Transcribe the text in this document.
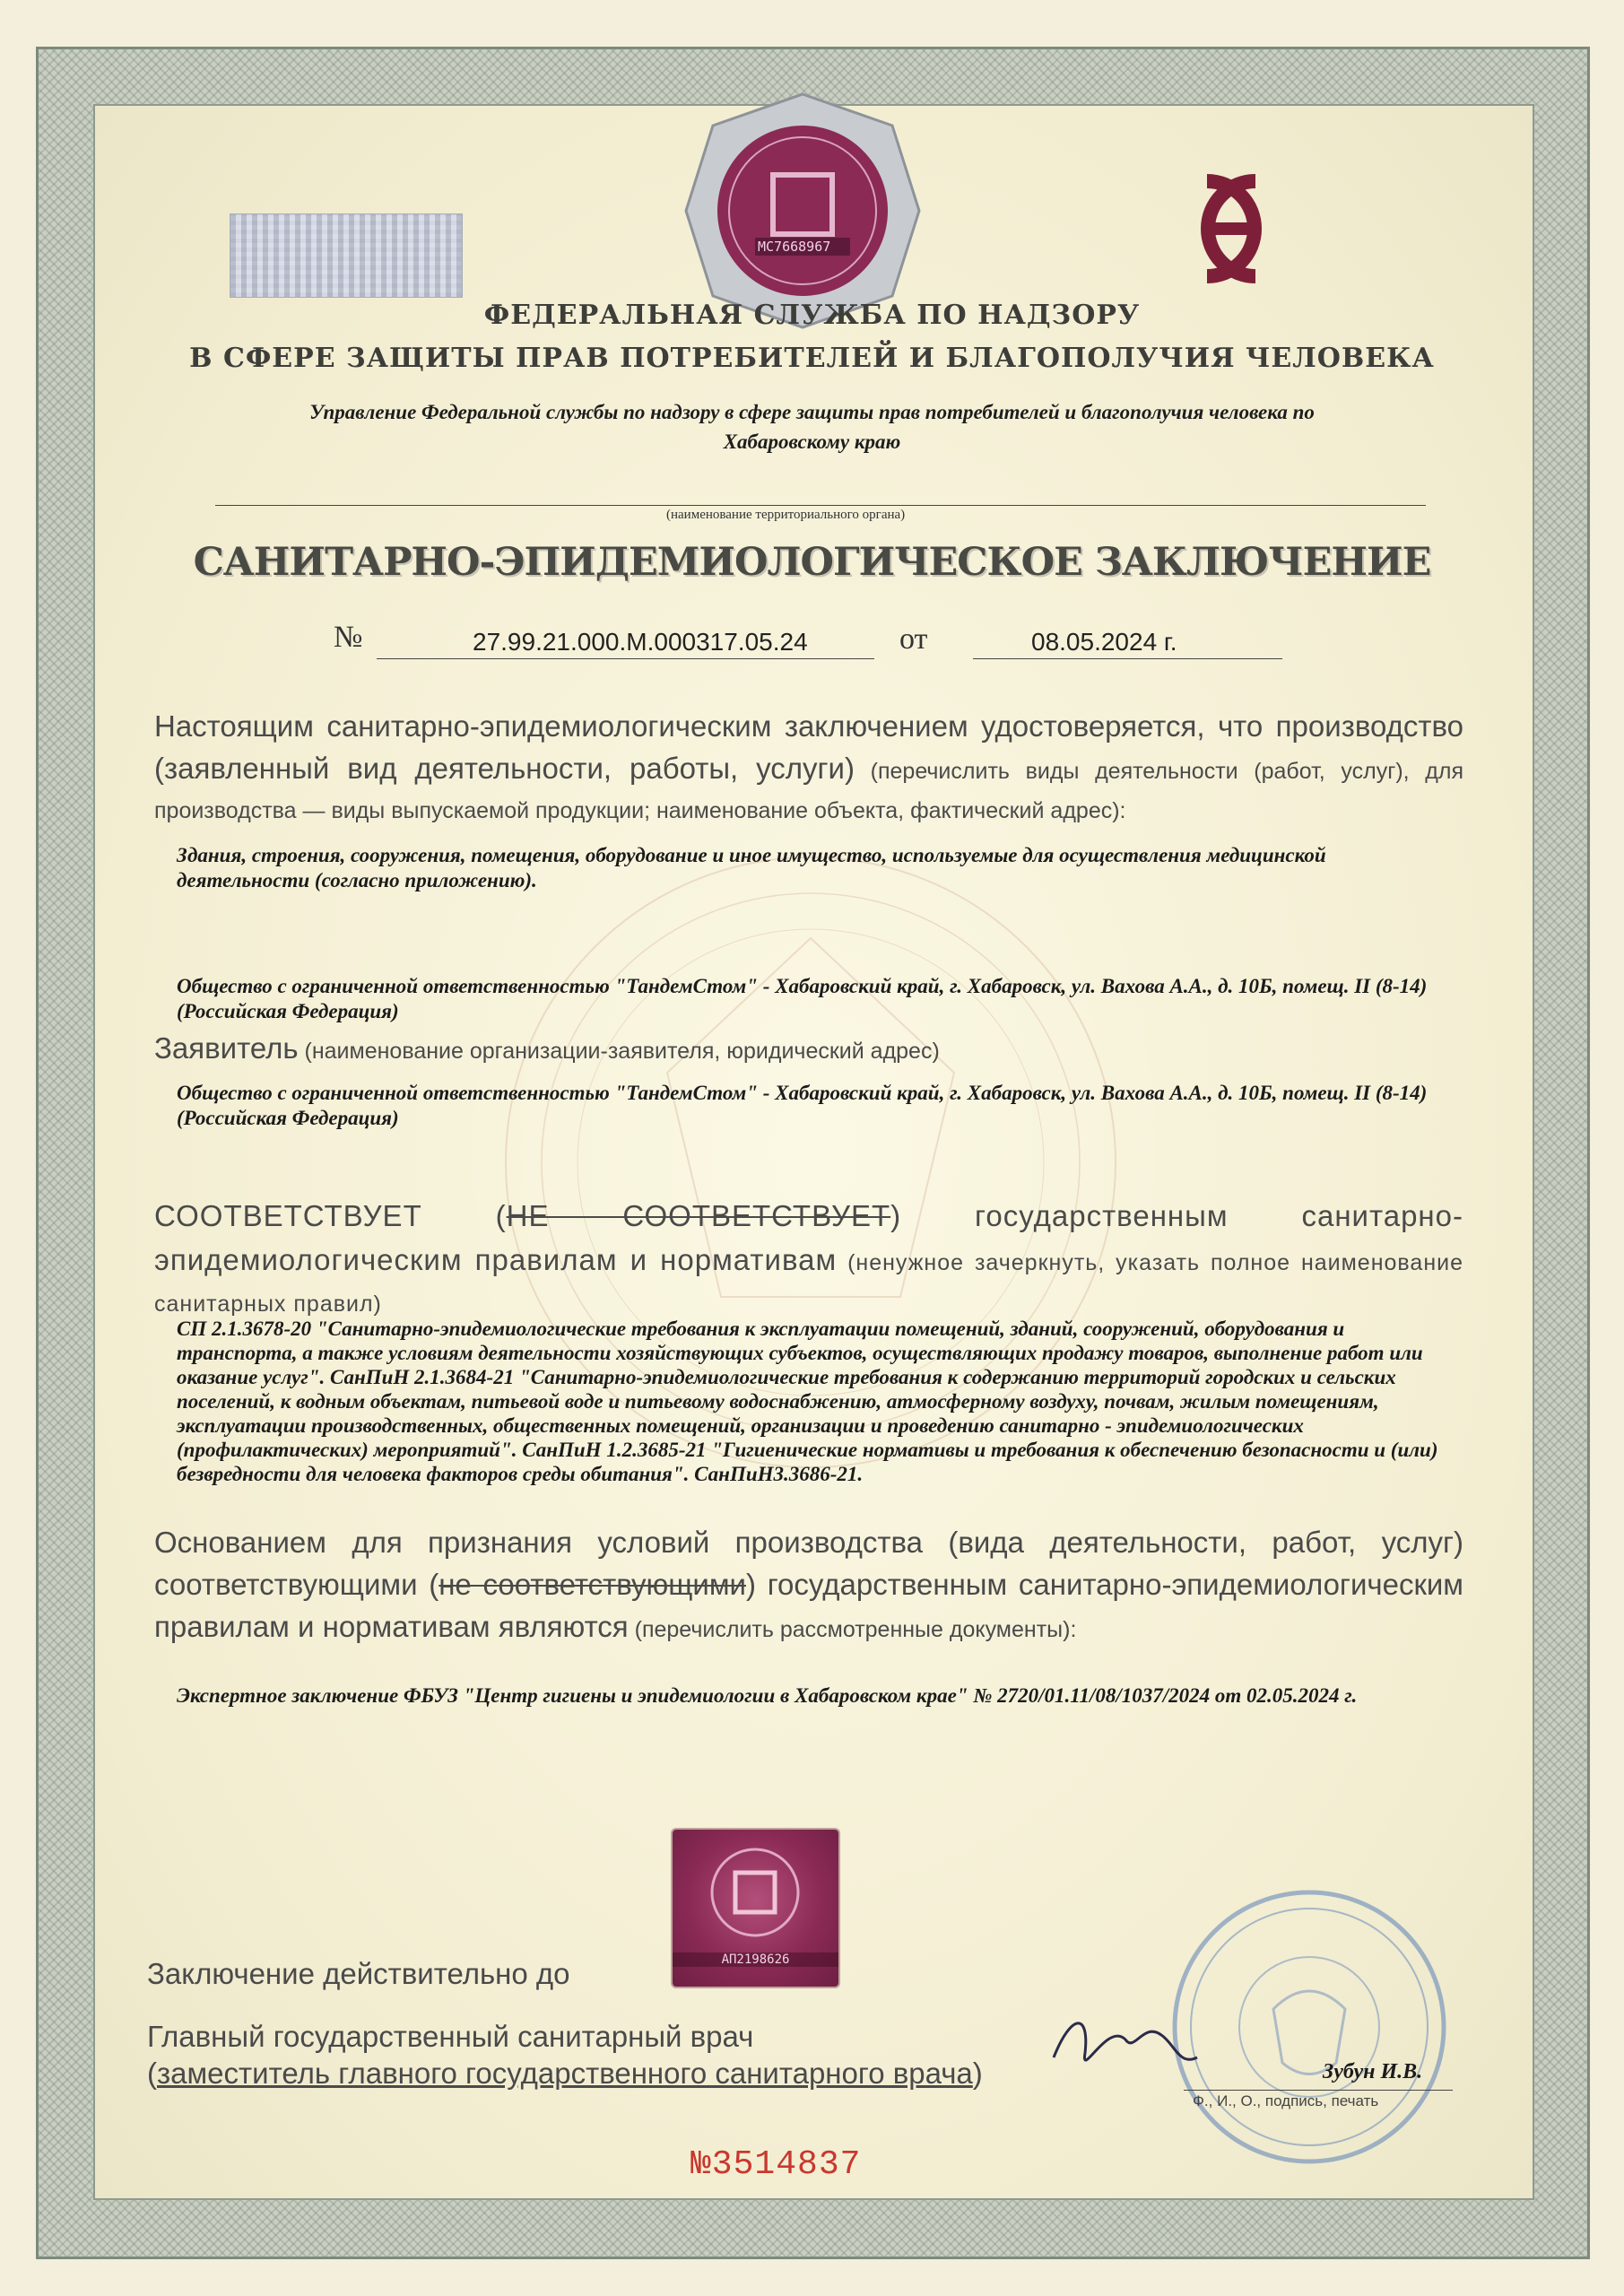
МС7668967

ФЕДЕРАЛЬНАЯ СЛУЖБА ПО НАДЗОРУ

В СФЕРЕ ЗАЩИТЫ ПРАВ ПОТРЕБИТЕЛЕЙ И БЛАГОПОЛУЧИЯ ЧЕЛОВЕКА

Управление Федеральной службы по надзору в сфере защиты прав потребителей и благополучия человека по

Хабаровскому краю

(наименование территориального органа)

САНИТАРНО-ЭПИДЕМИОЛОГИЧЕСКОЕ ЗАКЛЮЧЕНИЕ

№	27.99.21.000.М.000317.05.24	от	08.05.2024 г.

Настоящим санитарно-эпидемиологическим заключением удостоверяется, что производство (заявленный вид деятельности, работы, услуги) (перечислить виды деятельности (работ, услуг), для производства — виды выпускаемой продукции; наименование объекта, фактический адрес):

Здания, строения, сооружения, помещения, оборудование и иное имущество, используемые для осуществления медицинской деятельности (согласно приложению).

Общество с ограниченной ответственностью "ТандемСтом" - Хабаровский край, г. Хабаровск, ул. Вахова А.А., д. 10Б, помещ. II (8-14) (Российская Федерация)

Заявитель (наименование организации-заявителя, юридический адрес)

Общество с ограниченной ответственностью "ТандемСтом" - Хабаровский край, г. Хабаровск, ул. Вахова А.А., д. 10Б, помещ. II (8-14) (Российская Федерация)

СООТВЕТСТВУЕТ (НЕ СООТВЕТСТВУЕТ) государственным санитарно-эпидемиологическим правилам и нормативам (ненужное зачеркнуть, указать полное наименование санитарных правил)

СП 2.1.3678-20 "Санитарно-эпидемиологические требования к эксплуатации помещений, зданий, сооружений, оборудования и транспорта, а также условиям деятельности хозяйствующих субъектов, осуществляющих продажу товаров, выполнение работ или оказание услуг". СанПиН 2.1.3684-21 "Санитарно-эпидемиологические требования к содержанию территорий городских и сельских поселений, к водным объектам, питьевой воде и питьевому водоснабжению, атмосферному воздуху, почвам, жилым помещениям, эксплуатации производственных, общественных помещений, организации и проведению санитарно - эпидемиологических (профилактических) мероприятий". СанПиН 1.2.3685-21 "Гигиенические нормативы и требования к обеспечению безопасности и (или) безвредности для человека факторов среды обитания". СанПиН3.3686-21.

Основанием для признания условий производства (вида деятельности, работ, услуг) соответствующими (не соответствующими) государственным санитарно-эпидемиологическим правилам и нормативам являются (перечислить рассмотренные документы):

Экспертное заключение ФБУЗ "Центр гигиены и эпидемиологии в Хабаровском крае" № 2720/01.11/08/1037/2024 от 02.05.2024 г.

АП2198626
Заключение действительно до
Главный государственный санитарный врач

(заместитель главного государственного санитарного врача)	Зубун И.В.
Ф., И., О., подпись, печать
№3514837
